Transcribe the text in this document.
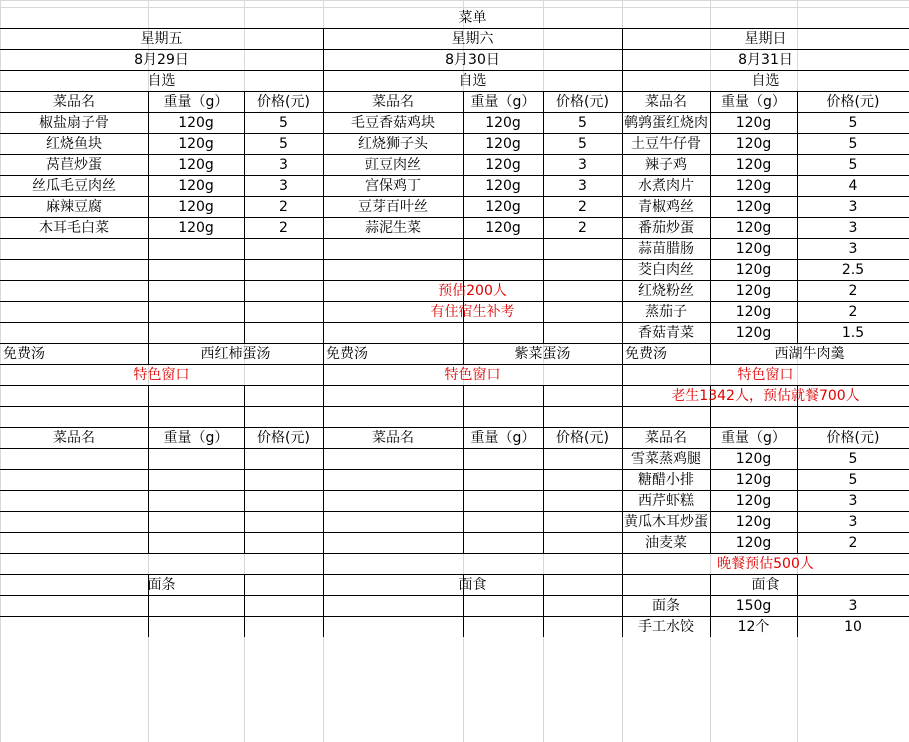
菜单
星期五
8月29日
自选
菜品名	重量（g）	价格(元)
椒盐扇子骨	120g	5
红烧鱼块	120g	5
莴苣炒蛋	120g	3
丝瓜毛豆肉丝	120g	3
麻辣豆腐	120g	2
木耳毛白菜	120g	2
免费汤	西红柿蛋汤
特色窗口
菜品名	重量（g）	价格(元)
面条
星期六
8月30日
自选
菜品名	重量（g）	价格(元)
毛豆香菇鸡块	120g	5
红烧狮子头	120g	5
豇豆肉丝	120g	3
宫保鸡丁	120g	3
豆芽百叶丝	120g	2
蒜泥生菜	120g	2
预估200人
有住宿生补考
免费汤	紫菜蛋汤
特色窗口
菜品名	重量（g）	价格(元)
面食
星期日
8月31日
自选
菜品名	重量（g）	价格(元)
鹌鹑蛋红烧肉	120g	5
土豆牛仔骨	120g	5
辣子鸡	120g	5
水煮肉片	120g	4
青椒鸡丝	120g	3
番茄炒蛋	120g	3
蒜苗腊肠	120g	3
茭白肉丝	120g	2.5
红烧粉丝	120g	2
蒸茄子	120g	2
香菇青菜	120g	1.5
免费汤	西湖牛肉羹
特色窗口
老生1342人，预估就餐700人
菜品名	重量（g）	价格(元)
雪菜蒸鸡腿	120g	5
糖醋小排	120g	5
西芹虾糕	120g	3
黄瓜木耳炒蛋	120g	3
油麦菜	120g	2
晚餐预估500人
面食
面条	150g	3
手工水饺	12个	10
